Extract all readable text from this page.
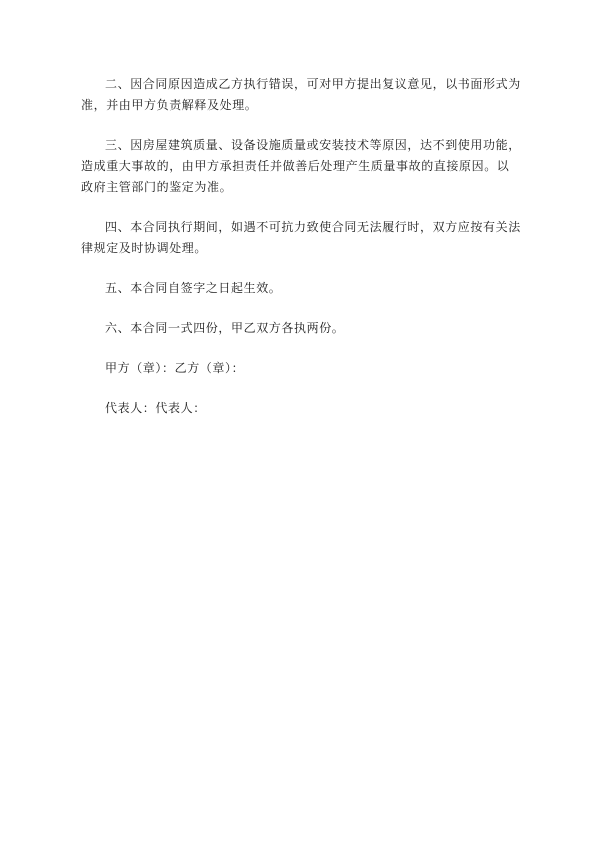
二、因合同原因造成乙方执行错误，可对甲方提出复议意见，以书面形式为准，并由甲方负责解释及处理。

三、因房屋建筑质量、设备设施质量或安装技术等原因，达不到使用功能，造成重大事故的，由甲方承担责任并做善后处理产生质量事故的直接原因。以政府主管部门的鉴定为准。

四、本合同执行期间，如遇不可抗力致使合同无法履行时，双方应按有关法律规定及时协调处理。

五、本合同自签字之日起生效。

六、本合同一式四份，甲乙双方各执两份。

甲方（章）：乙方（章）：

代表人：代表人：
